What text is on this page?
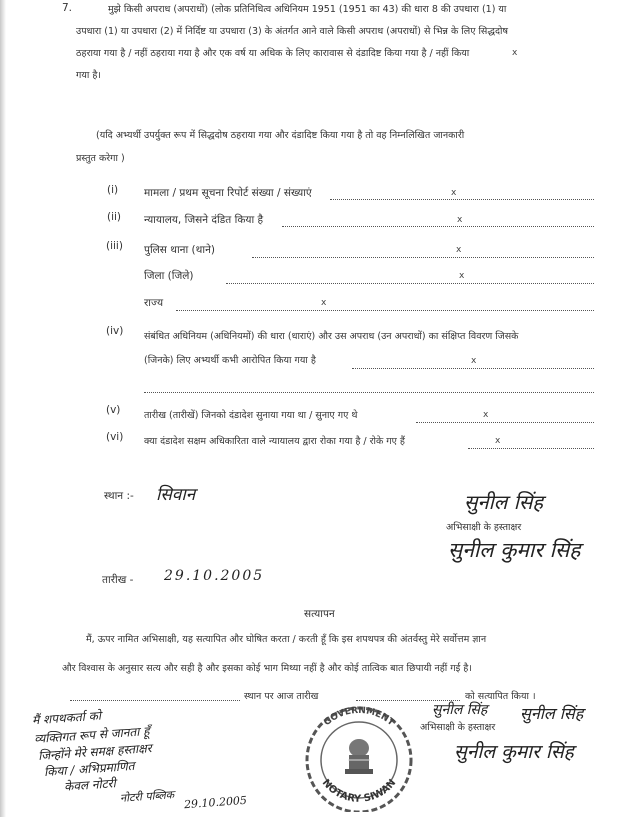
7.	मुझे किसी अपराध (अपराधों) (लोक प्रतिनिधित्व अधिनियम 1951 (1951 का 43) की धारा 8 की उपधारा (1) या
उपधारा (1) या उपधारा (2) में निर्दिष्ट या उपधारा (3) के अंतर्गत आने वाले किसी अपराध (अपराधों) से भिन्न के लिए सिद्धदोष
ठहराया गया है / नहीं ठहराया गया है और एक वर्ष या अधिक के लिए कारावास से दंडादिष्ट किया गया है / नहीं किया
गया है।
x
(यदि अभ्यर्थी उपर्युक्त रूप में सिद्धदोष ठहराया गया और दंडादिष्ट किया गया है तो वह निम्नलिखित जानकारी
प्रस्तुत करेगा )
(i) मामला / प्रथम सूचना रिपोर्ट संख्या / संख्याएं	x
(ii) न्यायालय, जिसने दंडित किया है	x
(iii) पुलिस थाना (थाने)	x
जिला (जिले)	x
राज्य	x
(iv) संबंधित अधिनियम (अधिनियमों) की धारा (धाराएं) और उस अपराध (उन अपराधों) का संक्षिप्त विवरण जिसके
(जिनके) लिए अभ्यर्थी कभी आरोपित किया गया है	x
(v) तारीख (तारीखें) जिनको दंडादेश सुनाया गया था / सुनाए गए थे	x
(vi) क्या दंडादेश सक्षम अधिकारिता वाले न्यायालय द्वारा रोका गया है / रोके गए हैं	x
स्थान :- सिवान	सुनील सिंह
अभिसाक्षी के हस्ताक्षर
सुनील कुमार सिंह
तारीख - 29.10.2005
सत्यापन
मैं, ऊपर नामित अभिसाक्षी, यह सत्यापित और घोषित करता / करती हूँ कि इस शपथपत्र की अंतर्वस्तु मेरे सर्वोत्तम ज्ञान
और विश्वास के अनुसार सत्य और सही है और इसका कोई भाग मिथ्या नहीं है और कोई तात्विक बात छिपायी नहीं गई है।
स्थान पर आज तारीख	को सत्यापित किया ।
सुनील सिंह सुनील सिंह
अभिसाक्षी के हस्ताक्षर
सुनील कुमार सिंह
मैं शपथकर्ता को
व्यक्तिगत रूप से जानता हूँ
जिन्होंने मेरे समक्ष हस्ताक्षर
किया / अभिप्रमाणित
केवल नोटरी
नोटरी पब्लिक 29.10.2005
GOVERNMENT
NOTARY SIWAN
